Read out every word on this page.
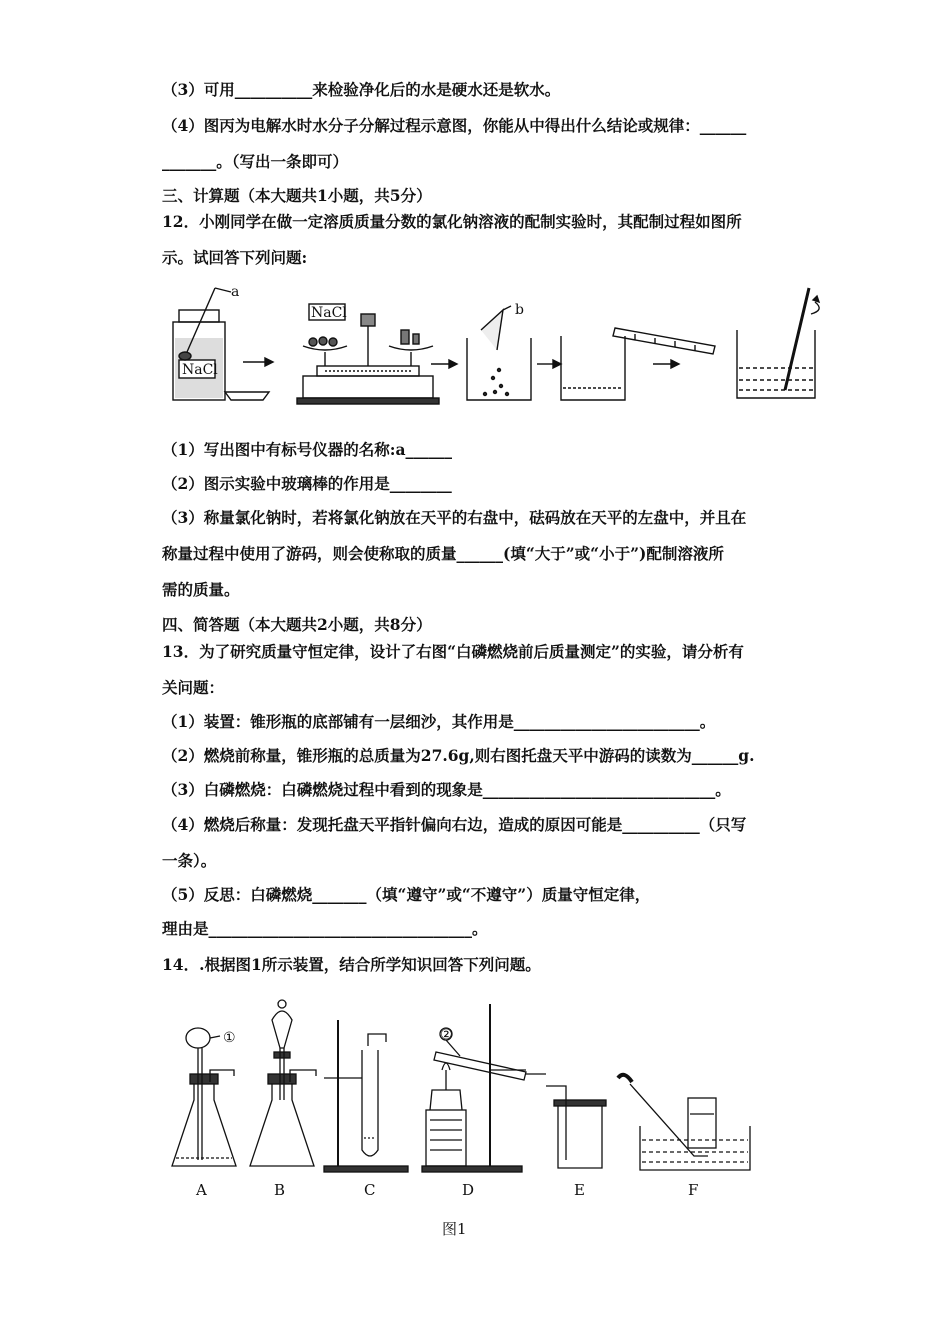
（3）可用__________来检验净化后的水是硬水还是软水。
（4）图丙为电解水时水分子分解过程示意图，你能从中得出什么结论或规律：______
_______。（写出一条即可）
三、计算题（本大题共1小题，共5分）
12．小刚同学在做一定溶质质量分数的氯化钠溶液的配制实验时，其配制过程如图所
示。试回答下列问题:
NaCl
a
NaCl	b
（1）写出图中有标号仪器的名称:a______
（2）图示实验中玻璃棒的作用是________
（3）称量氯化钠时，若将氯化钠放在天平的右盘中，砝码放在天平的左盘中，并且在
称量过程中使用了游码，则会使称取的质量______(填“大于”或“小于”)配制溶液所
需的质量。
四、简答题（本大题共2小题，共8分）
13．为了研究质量守恒定律，设计了右图“白磷燃烧前后质量测定”的实验，请分析有
关问题：
（1）装置：锥形瓶的底部铺有一层细沙，其作用是________________________。
（2）燃烧前称量，锥形瓶的总质量为27.6g,则右图托盘天平中游码的读数为______g.
（3）白磷燃烧：白磷燃烧过程中看到的现象是______________________________。
（4）燃烧后称量：发现托盘天平指针偏向右边，造成的原因可能是__________（只写
一条）。
（5）反思：白磷燃烧_______（填“遵守”或“不遵守”）质量守恒定律，
理由是__________________________________。
14．.根据图1所示装置，结合所学知识回答下列问题。
①
A	B	C
②
D	E	F
图1
